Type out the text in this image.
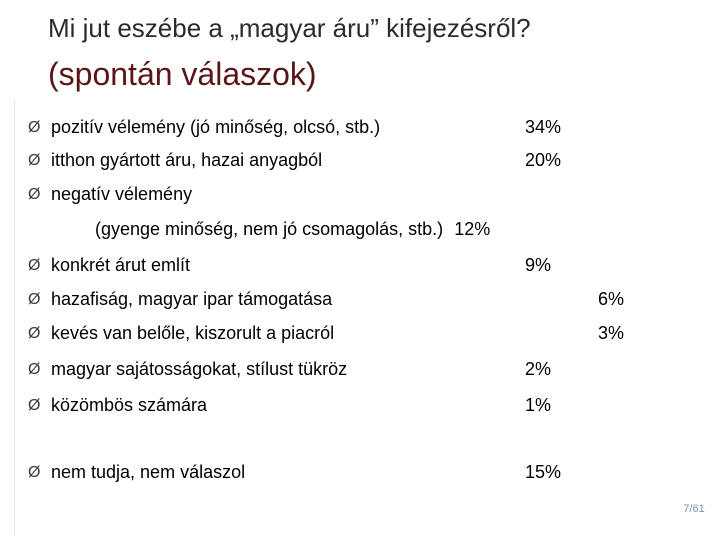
Mi jut eszébe a „magyar áru” kifejezésről?
(spontán válaszok)
Ø pozitív vélemény (jó minőség, olcsó, stb.)	34%
Ø itthon gyártott áru, hazai anyagból	20%
Ø negatív vélemény
(gyenge minőség, nem jó csomagolás, stb.) 12%
Ø konkrét árut említ	9%
Ø hazafiság, magyar ipar támogatása	6%
Ø kevés van belőle, kiszorult a piacról	3%
Ø magyar sajátosságokat, stílust tükröz	2%
Ø közömbös számára	1%
Ø nem tudja, nem válaszol	15%
7/61
